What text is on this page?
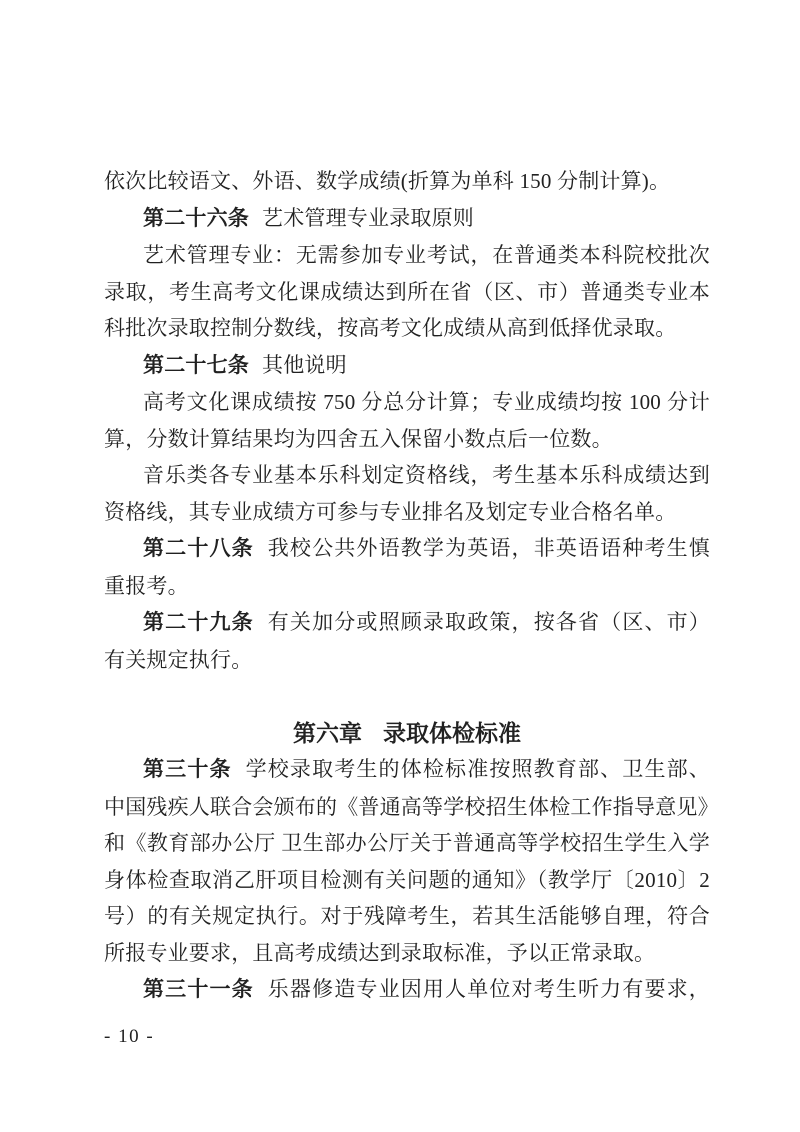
依次比较语文、外语、数学成绩(折算为单科 150 分制计算)。
第二十六条 艺术管理专业录取原则
艺术管理专业：无需参加专业考试，在普通类本科院校批次
录取，考生高考文化课成绩达到所在省（区、市）普通类专业本
科批次录取控制分数线，按高考文化成绩从高到低择优录取。
第二十七条 其他说明
高考文化课成绩按 750 分总分计算；专业成绩均按 100 分计
算，分数计算结果均为四舍五入保留小数点后一位数。
音乐类各专业基本乐科划定资格线，考生基本乐科成绩达到
资格线，其专业成绩方可参与专业排名及划定专业合格名单。
第二十八条 我校公共外语教学为英语，非英语语种考生慎
重报考。
第二十九条 有关加分或照顾录取政策，按各省（区、市）
有关规定执行。
第六章 录取体检标准
第三十条 学校录取考生的体检标准按照教育部、卫生部、
中国残疾人联合会颁布的《普通高等学校招生体检工作指导意见》
和《教育部办公厅 卫生部办公厅关于普通高等学校招生学生入学
身体检查取消乙肝项目检测有关问题的通知》（教学厅〔2010〕2
号）的有关规定执行。对于残障考生，若其生活能够自理，符合
所报专业要求，且高考成绩达到录取标准，予以正常录取。
第三十一条 乐器修造专业因用人单位对考生听力有要求，
- 10 -
